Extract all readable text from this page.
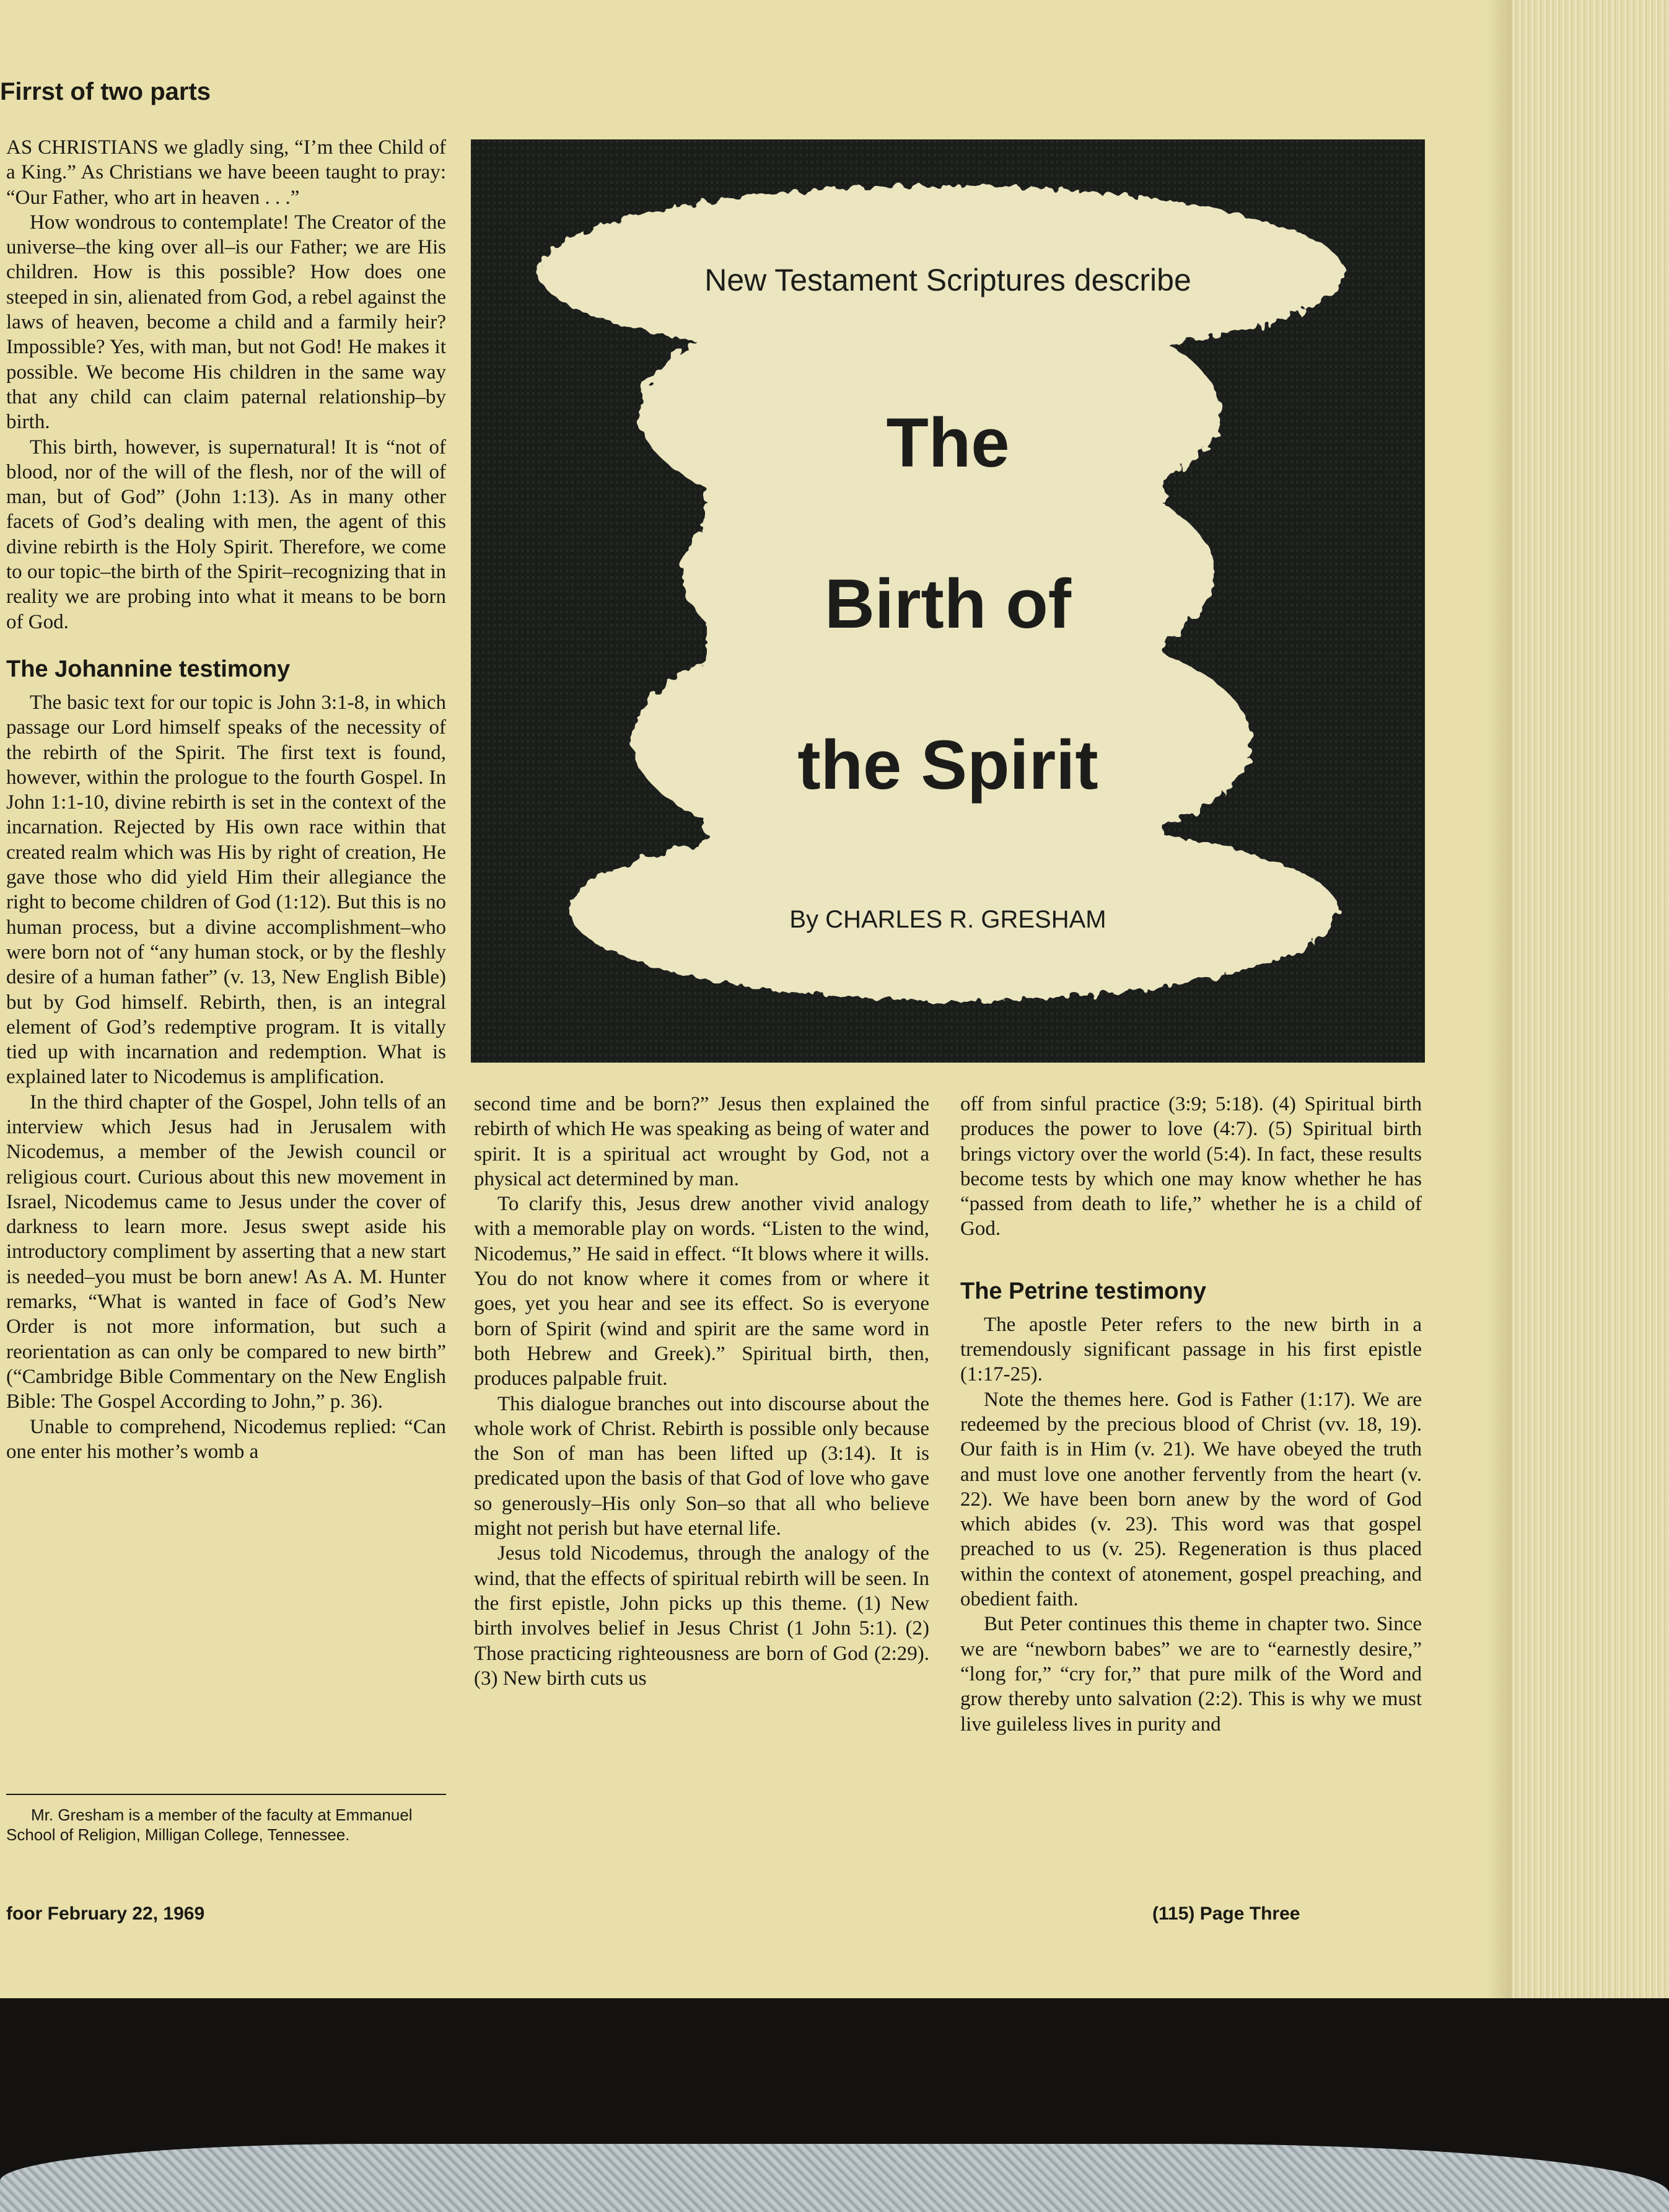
Firrst of two parts

AS CHRISTIANS we gladly sing, “I’m thee Child of a King.” As Christians we have beeen taught to pray: “Our Father, who art in heaven . . .”

How wondrous to contemplate! The Creator of the universe–the king over all–is our Father; we are His children. How is this possible? How does one steeped in sin, alienated from God, a rebel against the laws of heaven, become a child and a farmily heir? Impossible? Yes, with man, but not God! He makes it possible. We become His children in the same way that any child can claim paternal relationship–by birth.

This birth, however, is supernatural! It is “not of blood, nor of the will of the flesh, nor of the will of man, but of God” (John 1:13). As in many other facets of God’s dealing with men, the agent of this divine rebirth is the Holy Spirit. Therefore, we come to our topic–the birth of the Spirit–recognizing that in reality we are probing into what it means to be born of God.

The Johannine testimony

The basic text for our topic is John 3:1-8, in which passage our Lord himself speaks of the necessity of the rebirth of the Spirit. The first text is found, however, within the prologue to the fourth Gospel. In John 1:1-10, divine rebirth is set in the context of the incarnation. Rejected by His own race within that created realm which was His by right of creation, He gave those who did yield Him their allegiance the right to become children of God (1:12). But this is no human process, but a divine accomplishment–who were born not of “any human stock, or by the fleshly desire of a human father” (v. 13, New English Bible) but by God himself. Rebirth, then, is an integral element of God’s redemptive program. It is vitally tied up with incarnation and redemption. What is explained later to Nicodemus is amplification.

In the third chapter of the Gospel, John tells of an interview which Jesus had in Jerusalem with Nicodemus, a member of the Jewish council or religious court. Curious about this new movement in Israel, Nicodemus came to Jesus under the cover of darkness to learn more. Jesus swept aside his introductory compliment by asserting that a new start is needed–you must be born anew! As A. M. Hunter remarks, “What is wanted in face of God’s New Order is not more information, but such a reorientation as can only be compared to new birth” (“Cambridge Bible Commentary on the New English Bible: The Gospel According to John,” p. 36).

Unable to comprehend, Nicodemus replied: “Can one enter his mother’s womb a

New Testament Scriptures describe
The
Birth of
the Spirit
By CHARLES R. GRESHAM

second time and be born?” Jesus then explained the rebirth of which He was speaking as being of water and spirit. It is a spiritual act wrought by God, not a physical act determined by man.

To clarify this, Jesus drew another vivid analogy with a memorable play on words. “Listen to the wind, Nicodemus,” He said in effect. “It blows where it wills. You do not know where it comes from or where it goes, yet you hear and see its effect. So is everyone born of Spirit (wind and spirit are the same word in both Hebrew and Greek).” Spiritual birth, then, produces palpable fruit.

This dialogue branches out into discourse about the whole work of Christ. Rebirth is possible only because the Son of man has been lifted up (3:14). It is predicated upon the basis of that God of love who gave so generously–His only Son–so that all who believe might not perish but have eternal life.

Jesus told Nicodemus, through the analogy of the wind, that the effects of spiritual rebirth will be seen. In the first epistle, John picks up this theme. (1) New birth involves belief in Jesus Christ (1 John 5:1). (2) Those practicing righteousness are born of God (2:29). (3) New birth cuts us

off from sinful practice (3:9; 5:18). (4) Spiritual birth produces the power to love (4:7). (5) Spiritual birth brings victory over the world (5:4). In fact, these results become tests by which one may know whether he has “passed from death to life,” whether he is a child of God.

The Petrine testimony

The apostle Peter refers to the new birth in a tremendously significant passage in his first epistle (1:17-25).

Note the themes here. God is Father (1:17). We are redeemed by the precious blood of Christ (vv. 18, 19). Our faith is in Him (v. 21). We have obeyed the truth and must love one another fervently from the heart (v. 22). We have been born anew by the word of God which abides (v. 23). This word was that gospel preached to us (v. 25). Regeneration is thus placed within the context of atonement, gospel preaching, and obedient faith.

But Peter continues this theme in chapter two. Since we are “newborn babes” we are to “earnestly desire,” “long for,” “cry for,” that pure milk of the Word and grow thereby unto salvation (2:2). This is why we must live guileless lives in purity and

Mr. Gresham is a member of the faculty at Emmanuel School of Religion, Milligan College, Tennessee.
foor February 22, 1969	(115) Page Three
